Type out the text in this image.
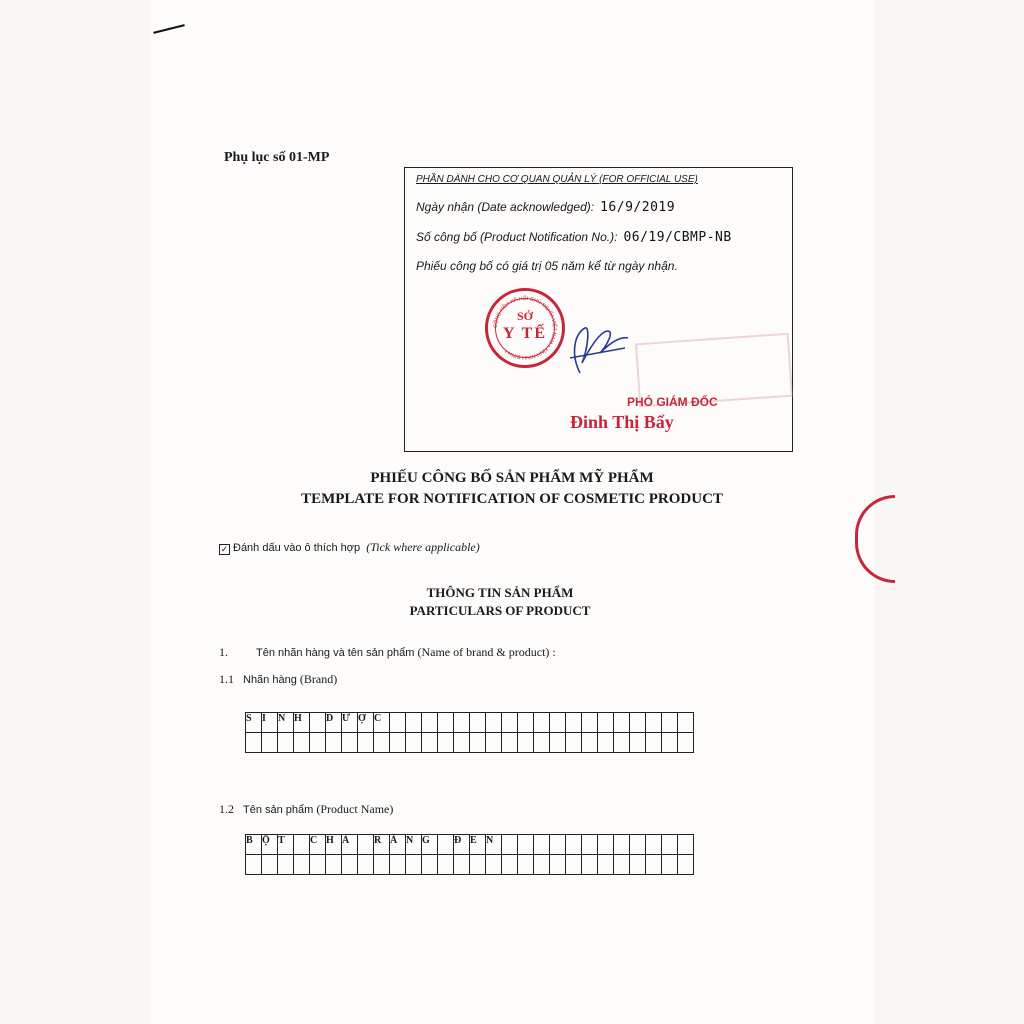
Phụ lục số 01-MP
PHẦN DÀNH CHO CƠ QUAN QUẢN LÝ (FOR OFFICIAL USE)
Ngày nhận (Date acknowledged): 16/9/2019
Số công bố (Product Notification No.): 06/19/CBMP-NB
Phiếu công bố có giá trị 05 năm kể từ ngày nhận.
CỘNG HÒA XÃ HỘI CHỦ NGHĨA VIỆT NAM * TỈNH NINH BÌNH *
SỞ
Y TẾ
PHÓ GIÁM ĐỐC
Đinh Thị Bẩy
PHIẾU CÔNG BỐ SẢN PHẨM MỸ PHẨM
TEMPLATE FOR NOTIFICATION OF COSMETIC PRODUCT
✓ Đánh dấu vào ô thích hợp (Tick where applicable)
THÔNG TIN SẢN PHẨM
PARTICULARS OF PRODUCT
1.	Tên nhãn hàng và tên sản phẩm (Name of brand & product) :
1.1 Nhãn hàng (Brand)
S	I	N	H		D	Ư	Ợ	C																			

1.2 Tên sản phẩm (Product Name)
B	Ộ	T		C	H	À		R	Ă	N	G		Đ	E	N												
